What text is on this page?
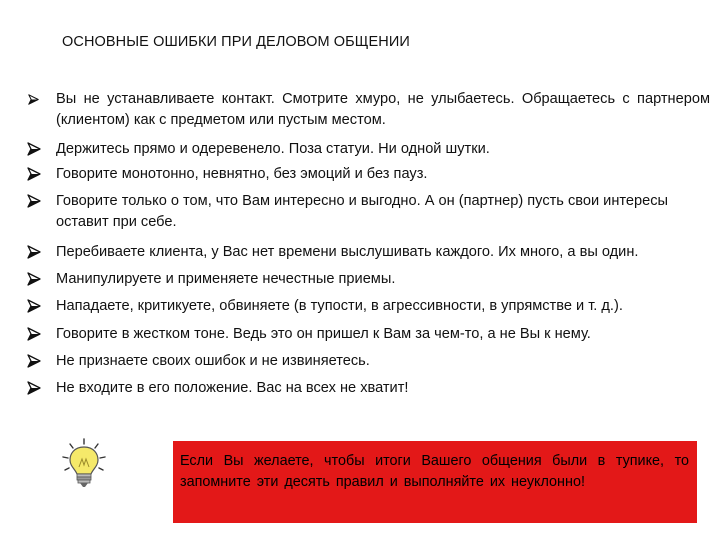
ОСНОВНЫЕ ОШИБКИ ПРИ ДЕЛОВОМ ОБЩЕНИИ
Вы не устанавливаете контакт. Смотрите хмуро, не улыбаетесь. Обращаетесь с партнером (клиентом) как с предметом или пустым местом.
Держитесь прямо и одеревенело. Поза статуи. Ни одной шутки.
Говорите монотонно, невнятно, без эмоций и без пауз.
Говорите только о том, что Вам интересно и выгодно. А он (партнер) пусть свои интересы оставит при себе.
Перебиваете клиента, у Вас нет времени выслушивать каждого. Их много, а вы один.
Манипулируете и применяете нечестные приемы.
Нападаете, критикуете, обвиняете (в тупости, в агрессивности, в упрямстве и т. д.).
Говорите в жестком тоне. Ведь это он пришел к Вам за чем-то, а не Вы к нему.
Не признаете своих ошибок и не извиняетесь.
Не входите в его положение. Вас на всех не хватит!
Если Вы желаете, чтобы итоги Вашего общения были в тупике, то запомните эти десять правил и выполняйте их неуклонно!
